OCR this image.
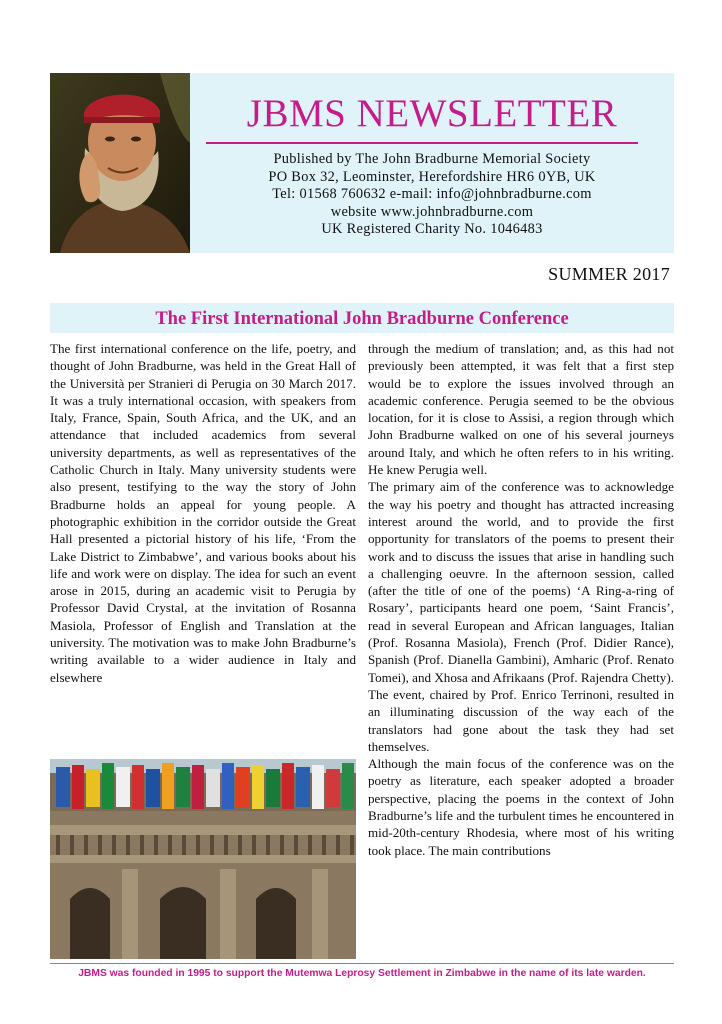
JBMS NEWSLETTER
Published by The John Bradburne Memorial Society
PO Box 32, Leominster, Herefordshire HR6 0YB, UK
Tel: 01568 760632 e-mail: info@johnbradburne.com
website www.johnbradburne.com
UK Registered Charity No. 1046483
SUMMER 2017
The First International John Bradburne Conference

The first international conference on the life, poetry, and thought of John Bradburne, was held in the Great Hall of the Università per Stranieri di Perugia on 30 March 2017. It was a truly international occasion, with speakers from Italy, France, Spain, South Africa, and the UK, and an attendance that included academics from several university departments, as well as representatives of the Catholic Church in Italy. Many university students were also present, testifying to the way the story of John Bradburne holds an appeal for young people. A photographic exhibition in the corridor outside the Great Hall presented a pictorial history of his life, ‘From the Lake District to Zimbabwe’, and various books about his life and work were on display. The idea for such an event arose in 2015, during an academic visit to Perugia by Professor David Crystal, at the invitation of Rosanna Masiola, Professor of English and Translation at the university. The motivation was to make John Bradburne’s writing available to a wider audience in Italy and elsewhere

through the medium of translation; and, as this had not previously been attempted, it was felt that a first step would be to explore the issues involved through an academic conference. Perugia seemed to be the obvious location, for it is close to Assisi, a region through which John Bradburne walked on one of his several journeys around Italy, and which he often refers to in his writing. He knew Perugia well.

The primary aim of the conference was to acknowledge the way his poetry and thought has attracted increasing interest around the world, and to provide the first opportunity for translators of the poems to present their work and to discuss the issues that arise in handling such a challenging oeuvre. In the afternoon session, called (after the title of one of the poems) ‘A Ring-a-ring of Rosary’, participants heard one poem, ‘Saint Francis’, read in several European and African languages, Italian (Prof. Rosanna Masiola), French (Prof. Didier Rance), Spanish (Prof. Dianella Gambini), Amharic (Prof. Renato Tomei), and Xhosa and Afrikaans (Prof. Rajendra Chetty). The event, chaired by Prof. Enrico Terrinoni, resulted in an illuminating discussion of the way each of the translators had gone about the task they had set themselves.

Although the main focus of the conference was on the poetry as literature, each speaker adopted a broader perspective, placing the poems in the context of John Bradburne’s life and the turbulent times he encountered in mid-20th-century Rhodesia, where most of his writing took place. The main contributions

JBMS was founded in 1995 to support the Mutemwa Leprosy Settlement in Zimbabwe in the name of its late warden.
